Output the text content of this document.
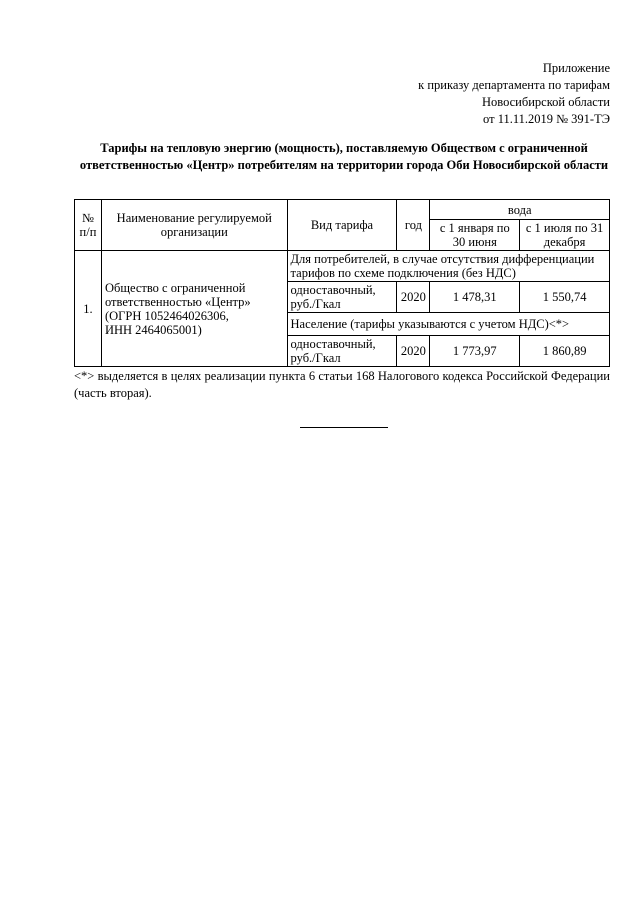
Приложение
к приказу департамента по тарифам
Новосибирской области
от 11.11.2019 № 391-ТЭ
Тарифы на тепловую энергию (мощность), поставляемую Обществом с ограниченной ответственностью «Центр» потребителям на территории города Оби Новосибирской области
№
п/п	Наименование регулируемой организации	Вид тарифа	год	вода	
				с 1 января по 30 июня	с 1 июля по 31 декабря
1.	Общество с ограниченной ответственностью «Центр»
(ОГРН 1052464026306,
ИНН 2464065001)	Для потребителей, в случае отсутствия дифференциации тарифов по схеме подключения (без НДС)			
		одноставочный, руб./Гкал	2020	1 478,31	1 550,74
		Население (тарифы указываются с учетом НДС)<*>			
		одноставочный, руб./Гкал	2020	1 773,97	1 860,89
<*> выделяется в целях реализации пункта 6 статьи 168 Налогового кодекса Российской Федерации (часть вторая).
